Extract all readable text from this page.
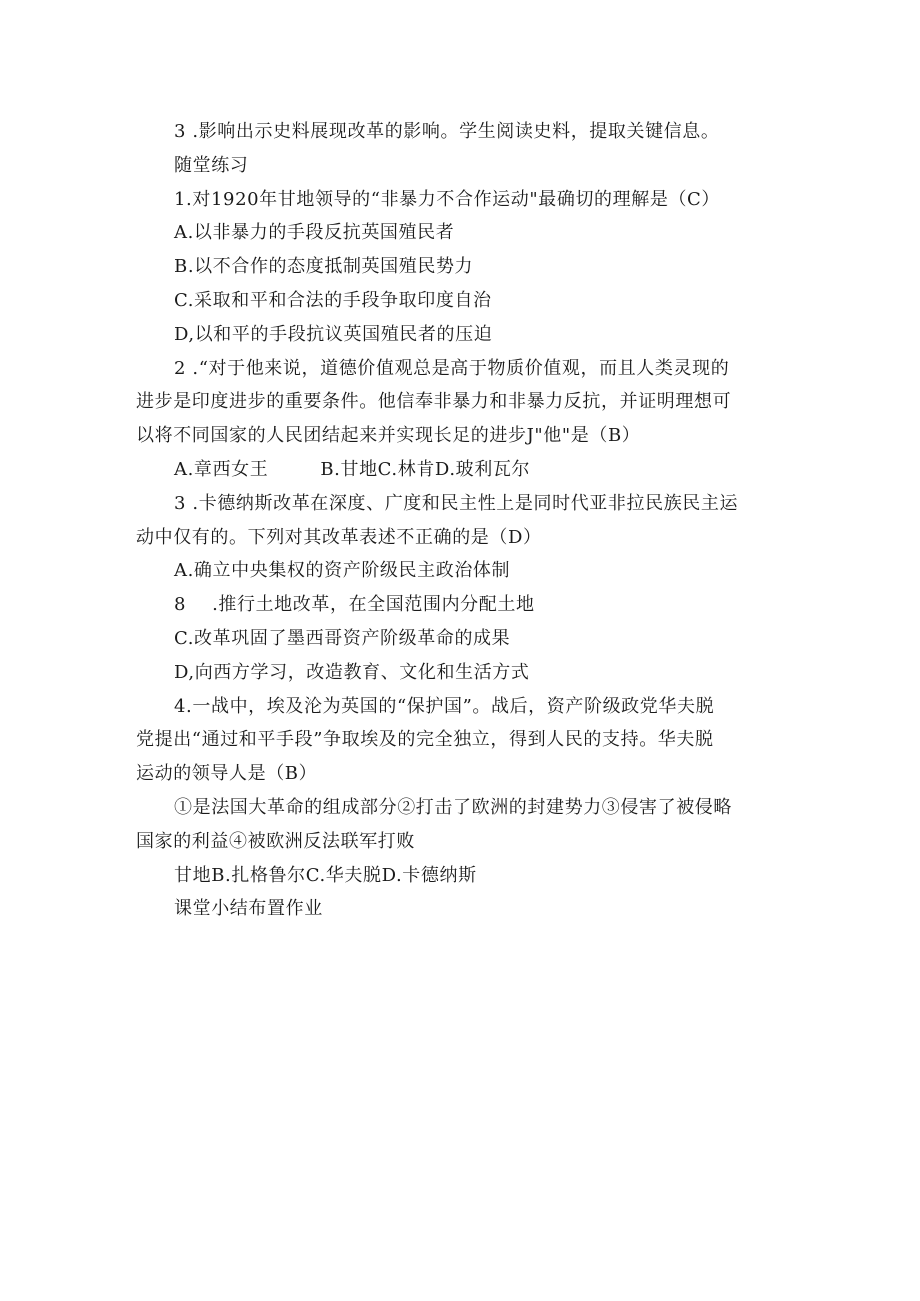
3 .影响出示史料展现改革的影响。学生阅读史料，提取关键信息。
随堂练习
1.对1920年甘地领导的“非暴力不合作运动"最确切的理解是（C）
A.以非暴力的手段反抗英国殖民者
B.以不合作的态度抵制英国殖民势力
C.采取和平和合法的手段争取印度自治
D,以和平的手段抗议英国殖民者的压迫
2 .“对于他来说，道德价值观总是高于物质价值观，而且人类灵现的
进步是印度进步的重要条件。他信奉非暴力和非暴力反抗，并证明理想可
以将不同国家的人民团结起来并实现长足的进步J"他"是（B）
A.章西女王	B.甘地C.林肯D.玻利瓦尔
3 .卡德纳斯改革在深度、广度和民主性上是同时代亚非拉民族民主运
动中仅有的。下列对其改革表述不正确的是（D）
A.确立中央集权的资产阶级民主政治体制
8 .推行土地改革，在全国范围内分配土地
C.改革巩固了墨西哥资产阶级革命的成果
D,向西方学习，改造教育、文化和生活方式
4.一战中，埃及沦为英国的“保护国”。战后，资产阶级政党华夫脱
党提出“通过和平手段”争取埃及的完全独立，得到人民的支持。华夫脱
运动的领导人是（B）
①是法国大革命的组成部分②打击了欧洲的封建势力③侵害了被侵略
国家的利益④被欧洲反法联军打败
甘地B.扎格鲁尔C.华夫脱D.卡德纳斯
课堂小结布置作业
